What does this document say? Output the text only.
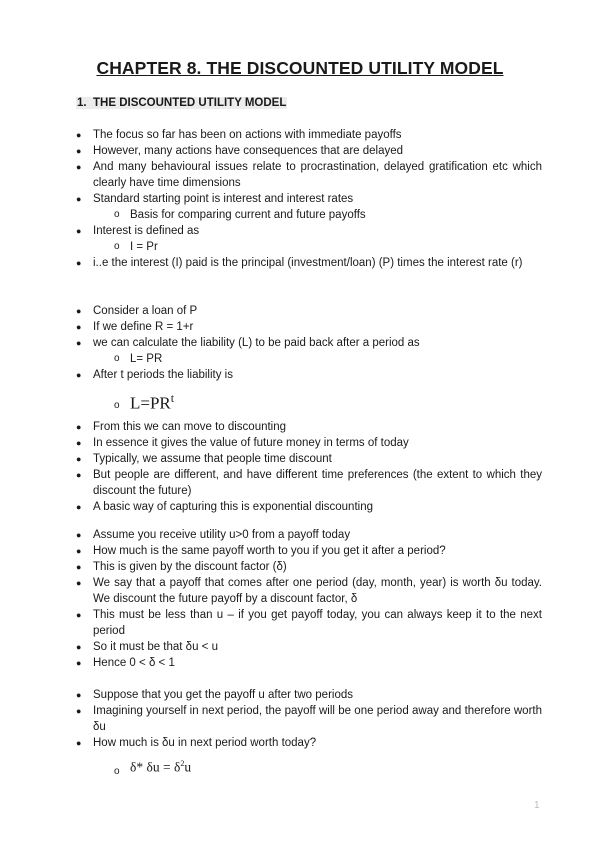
CHAPTER 8. THE DISCOUNTED UTILITY MODEL
1. THE DISCOUNTED UTILITY MODEL
● The focus so far has been on actions with immediate payoffs
● However, many actions have consequences that are delayed
● And many behavioural issues relate to procrastination, delayed gratification etc which clearly have time dimensions
● Standard starting point is interest and interest rates
o Basis for comparing current and future payoffs
● Interest is defined as
o I = Pr
● i..e the interest (I) paid is the principal (investment/loan) (P) times the interest rate (r)
● Consider a loan of P
● If we define R = 1+r
● we can calculate the liability (L) to be paid back after a period as
o L= PR
● After t periods the liability is
o $L=PR^t$
● From this we can move to discounting
● In essence it gives the value of future money in terms of today
● Typically, we assume that people time discount
● But people are different, and have different time preferences (the extent to which they discount the future)
● A basic way of capturing this is exponential discounting
● Assume you receive utility u>0 from a payoff today
● How much is the same payoff worth to you if you get it after a period?
● This is given by the discount factor (δ)
● We say that a payoff that comes after one period (day, month, year) is worth δu today. We discount the future payoff by a discount factor, δ
● This must be less than u – if you get payoff today, you can always keep it to the next period
● So it must be that δu < u
● Hence 0 < δ < 1
● Suppose that you get the payoff u after two periods
● Imagining yourself in next period, the payoff will be one period away and therefore worth δu
● How much is δu in next period worth today?
o δ* $\delta u = \delta^2u$
1
